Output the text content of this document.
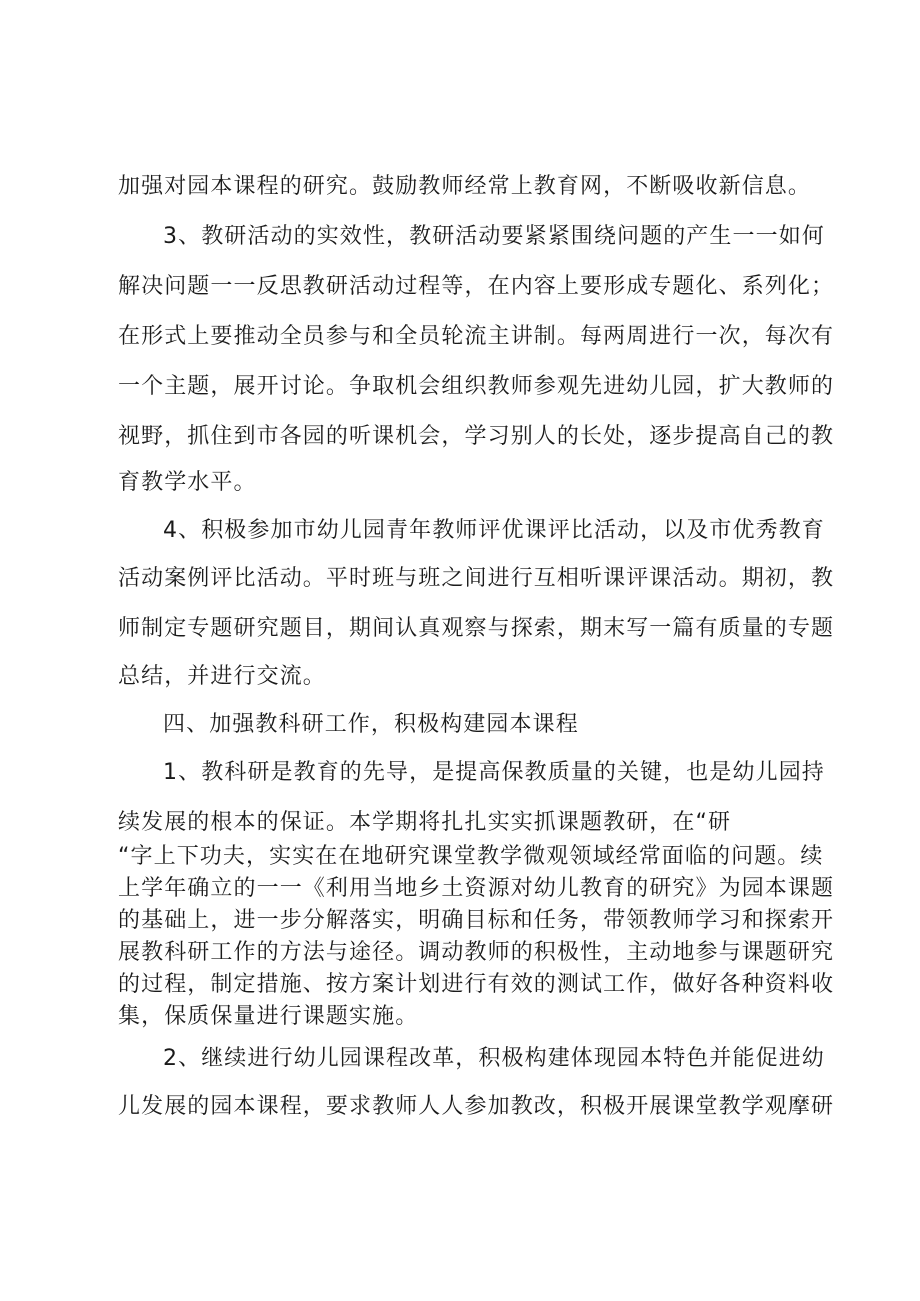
加强对园本课程的研究。鼓励教师经常上教育网，不断吸收新信息。
3、教研活动的实效性，教研活动要紧紧围绕问题的产生一一如何
解决问题一一反思教研活动过程等，在内容上要形成专题化、系列化；
在形式上要推动全员参与和全员轮流主讲制。每两周进行一次，每次有
一个主题，展开讨论。争取机会组织教师参观先进幼儿园，扩大教师的
视野，抓住到市各园的听课机会，学习别人的长处，逐步提高自己的教
育教学水平。
4、积极参加市幼儿园青年教师评优课评比活动，以及市优秀教育
活动案例评比活动。平时班与班之间进行互相听课评课活动。期初，教
师制定专题研究题目，期间认真观察与探索，期末写一篇有质量的专题
总结，并进行交流。
四、加强教科研工作，积极构建园本课程
1、教科研是教育的先导，是提高保教质量的关键，也是幼儿园持
续发展的根本的保证。本学期将扎扎实实抓课题教研，在“研
“字上下功夫，实实在在地研究课堂教学微观领域经常面临的问题。续
上学年确立的一一《利用当地乡土资源对幼儿教育的研究》为园本课题
的基础上，进一步分解落实，明确目标和任务，带领教师学习和探索开
展教科研工作的方法与途径。调动教师的积极性，主动地参与课题研究
的过程，制定措施、按方案计划进行有效的测试工作，做好各种资料收
集，保质保量进行课题实施。
2、继续进行幼儿园课程改革，积极构建体现园本特色并能促进幼
儿发展的园本课程，要求教师人人参加教改，积极开展课堂教学观摩研
